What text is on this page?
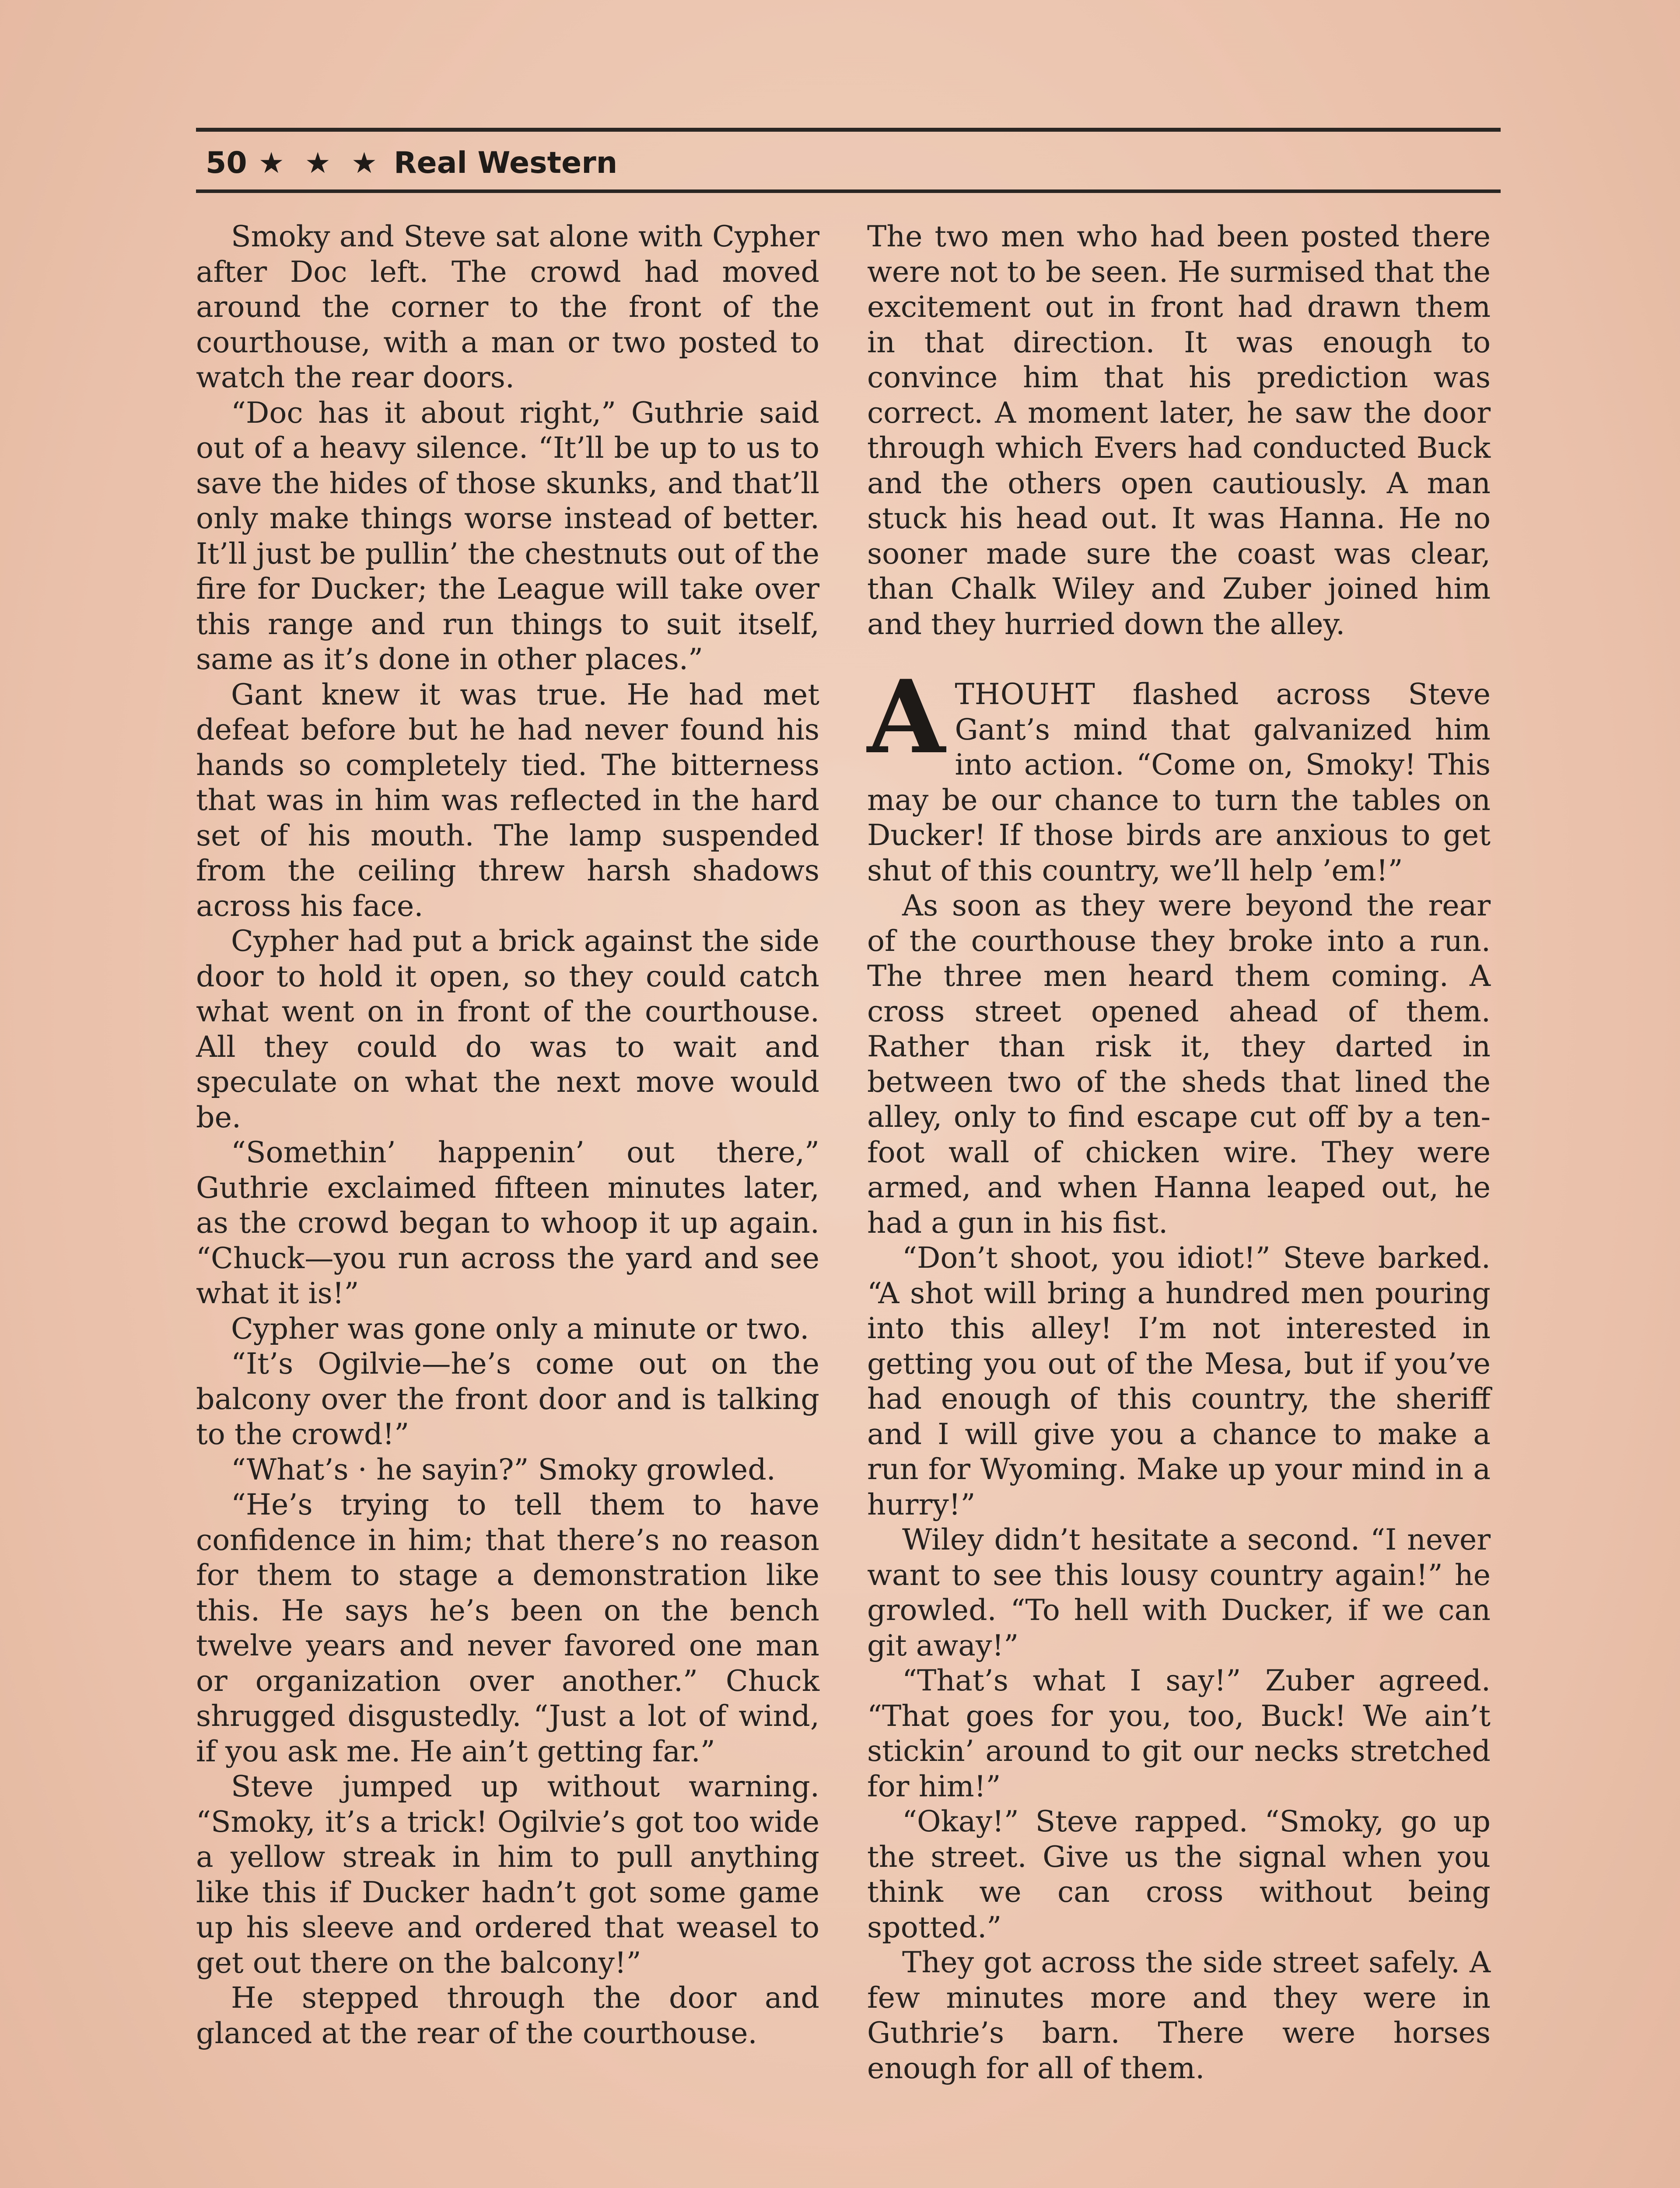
50 ★ ★ ★ Real Western

Smoky and Steve sat alone with Cypher after Doc left. The crowd had moved around the corner to the front of the courthouse, with a man or two posted to watch the rear doors.

“Doc has it about right,” Guthrie said out of a heavy silence. “It’ll be up to us to save the hides of those skunks, and that’ll only make things worse instead of better. It’ll just be pullin’ the chestnuts out of the fire for Ducker; the League will take over this range and run things to suit itself, same as it’s done in other places.”

Gant knew it was true. He had met defeat before but he had never found his hands so completely tied. The bitterness that was in him was reflected in the hard set of his mouth. The lamp suspended from the ceiling threw harsh shadows across his face.

Cypher had put a brick against the side door to hold it open, so they could catch what went on in front of the courthouse. All they could do was to wait and speculate on what the next move would be.

“Somethin’ happenin’ out there,” Guthrie exclaimed fifteen minutes later, as the crowd began to whoop it up again. “Chuck—you run across the yard and see what it is!”

Cypher was gone only a minute or two.

“It’s Ogilvie—he’s come out on the balcony over the front door and is talking to the crowd!”

“What’s · he sayin?” Smoky growled.

“He’s trying to tell them to have confidence in him; that there’s no reason for them to stage a demonstration like this. He says he’s been on the bench twelve years and never favored one man or organization over another.” Chuck shrugged disgustedly. “Just a lot of wind, if you ask me. He ain’t getting far.”

Steve jumped up without warning. “Smoky, it’s a trick! Ogilvie’s got too wide a yellow streak in him to pull anything like this if Ducker hadn’t got some game up his sleeve and ordered that weasel to get out there on the balcony!”

He stepped through the door and glanced at the rear of the courthouse.

The two men who had been posted there were not to be seen. He surmised that the excitement out in front had drawn them in that direction. It was enough to convince him that his prediction was correct. A moment later, he saw the door through which Evers had conducted Buck and the others open cautiously. A man stuck his head out. It was Hanna. He no sooner made sure the coast was clear, than Chalk Wiley and Zuber joined him and they hurried down the alley.

ATHOUHT flashed across Steve Gant’s mind that galvanized him into action. “Come on, Smoky! This may be our chance to turn the tables on Ducker! If those birds are anxious to get shut of this country, we’ll help ’em!”

As soon as they were beyond the rear of the courthouse they broke into a run. The three men heard them coming. A cross street opened ahead of them. Rather than risk it, they darted in between two of the sheds that lined the alley, only to find escape cut off by a ten-foot wall of chicken wire. They were armed, and when Hanna leaped out, he had a gun in his fist.

“Don’t shoot, you idiot!” Steve barked. “A shot will bring a hundred men pouring into this alley! I’m not interested in getting you out of the Mesa, but if you’ve had enough of this country, the sheriff and I will give you a chance to make a run for Wyoming. Make up your mind in a hurry!”

Wiley didn’t hesitate a second. “I never want to see this lousy country again!” he growled. “To hell with Ducker, if we can git away!”

“That’s what I say!” Zuber agreed. “That goes for you, too, Buck! We ain’t stickin’ around to git our necks stretched for him!”

“Okay!” Steve rapped. “Smoky, go up the street. Give us the signal when you think we can cross without being spotted.”

They got across the side street safely. A few minutes more and they were in Guthrie’s barn. There were horses enough for all of them.
